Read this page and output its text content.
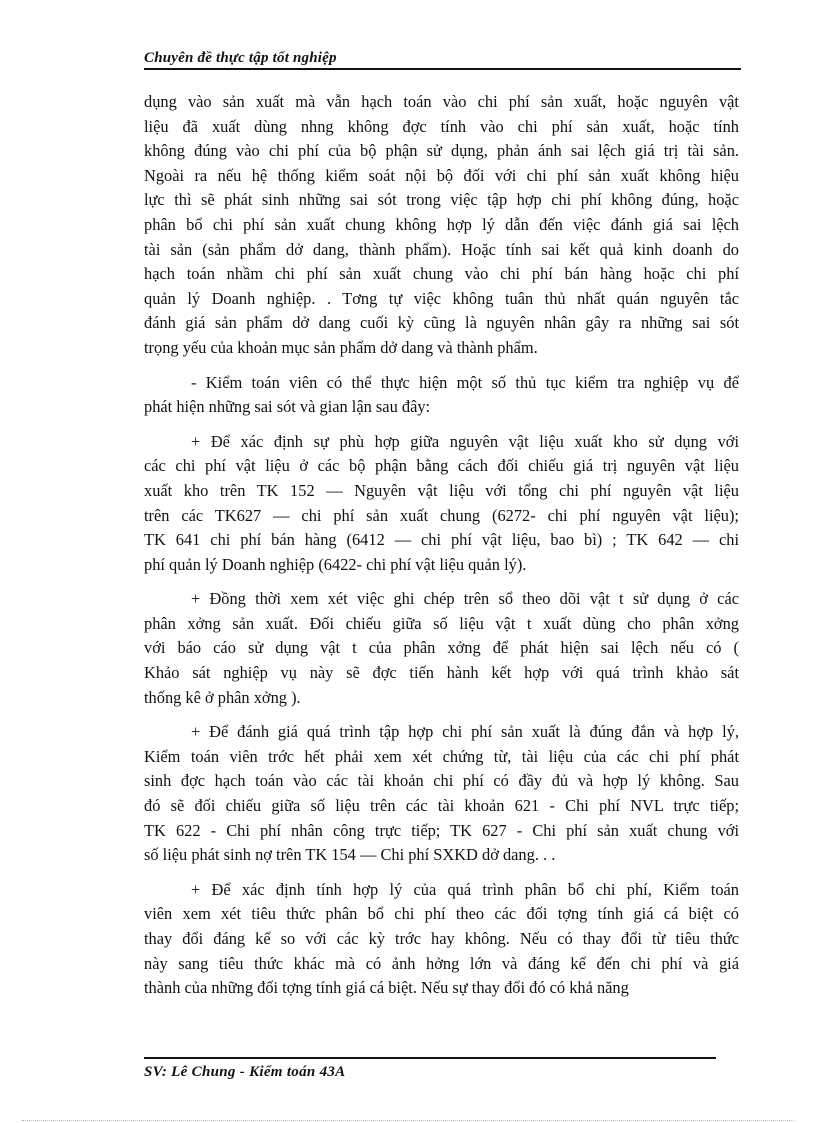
Chuyên đề thực tập tốt nghiệp

dụng vào sản xuất mà vẫn hạch toán vào chi phí sản xuất, hoặc nguyên vật
liệu đã xuất dùng nhng không đợc tính vào chi phí sản xuất, hoặc tính
không đúng vào chi phí của bộ phận sử dụng, phản ánh sai lệch giá trị tài sản.
Ngoài ra nếu hệ thống kiểm soát nội bộ đối với chi phí sản xuất không hiệu
lực thì sẽ phát sinh những sai sót trong việc tập hợp chi phí không đúng, hoặc
phân bổ chi phí sản xuất chung không hợp lý dẫn đến việc đánh giá sai lệch
tài sản (sản phẩm dở dang, thành phẩm). Hoặc tính sai kết quả kinh doanh do
hạch toán nhầm chi phí sản xuất chung vào chi phí bán hàng hoặc chi phí
quản lý Doanh nghiệp. . Tơng tự việc không tuân thủ nhất quán nguyên tắc
đánh giá sản phẩm dở dang cuối kỳ cũng là nguyên nhân gây ra những sai sót
trọng yếu của khoản mục sản phẩm dở dang và thành phẩm.

- Kiểm toán viên có thể thực hiện một số thủ tục kiểm tra nghiệp vụ để
phát hiện những sai sót và gian lận sau đây:

+ Để xác định sự phù hợp giữa nguyên vật liệu xuất kho sử dụng với
các chi phí vật liệu ở các bộ phận bằng cách đối chiếu giá trị nguyên vật liệu
xuất kho trên TK 152 — Nguyên vật liệu với tổng chi phí nguyên vật liệu
trên các TK627 — chi phí sản xuất chung (6272- chi phí nguyên vật liệu);
TK 641 chi phí bán hàng (6412 — chi phí vật liệu, bao bì) ; TK 642 — chi
phí quản lý Doanh nghiệp (6422- chi phí vật liệu quản lý).

+ Đồng thời xem xét việc ghi chép trên sổ theo dõi vật t sử dụng ở các
phân xởng sản xuất. Đối chiếu giữa số liệu vật t xuất dùng cho phân xởng
với báo cáo sử dụng vật t của phân xởng để phát hiện sai lệch nếu có (
Khảo sát nghiệp vụ này sẽ đợc tiến hành kết hợp với quá trình khảo sát
thống kê ở phân xởng ).

+ Để đánh giá quá trình tập hợp chi phí sản xuất là đúng đắn và hợp lý,
Kiểm toán viên trớc hết phải xem xét chứng từ, tài liệu của các chi phí phát
sinh đợc hạch toán vào các tài khoản chi phí có đầy đủ và hợp lý không. Sau
đó sẽ đối chiếu giữa số liệu trên các tài khoản 621 - Chi phí NVL trực tiếp;
TK 622 - Chi phí nhân công trực tiếp; TK 627 - Chi phí sản xuất chung với
số liệu phát sinh nợ trên TK 154 — Chi phí SXKD dở dang. . .

+ Để xác định tính hợp lý của quá trình phân bổ chi phí, Kiểm toán
viên xem xét tiêu thức phân bổ chi phí theo các đối tợng tính giá cá biệt có
thay đổi đáng kể so với các kỳ trớc hay không. Nếu có thay đổi từ tiêu thức
này sang tiêu thức khác mà có ảnh hởng lớn và đáng kể đến chi phí và giá
thành của những đối tợng tính giá cá biệt. Nếu sự thay đổi đó có khả năng

SV: Lê Chung - Kiểm toán 43A
